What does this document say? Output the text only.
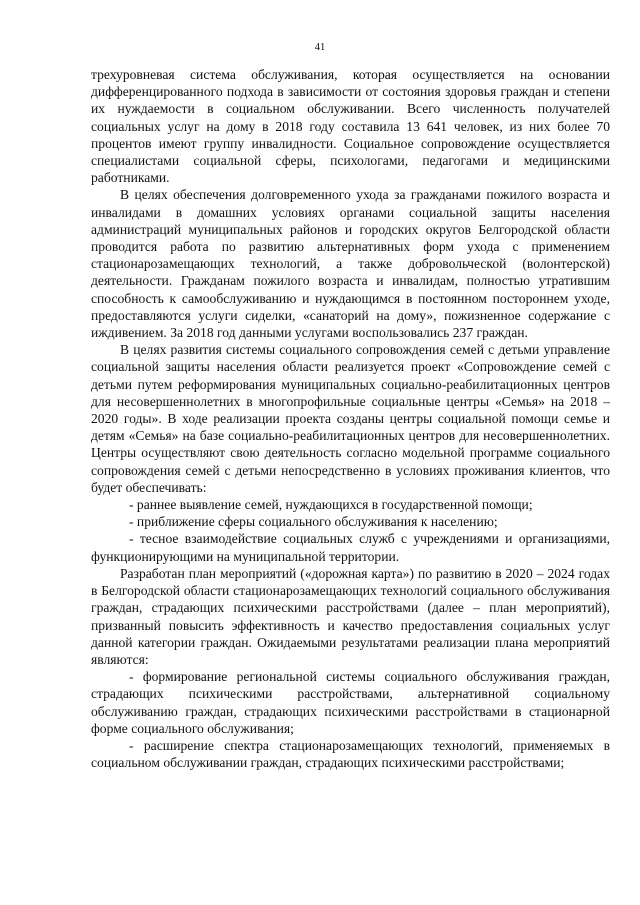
41

трехуровневая система обслуживания, которая осуществляется на основании дифференцированного подхода в зависимости от состояния здоровья граждан и степени их нуждаемости в социальном обслуживании. Всего численность получателей социальных услуг на дому в 2018 году составила 13 641 человек, из них более 70 процентов имеют группу инвалидности. Социальное сопровождение осуществляется специалистами социальной сферы, психологами, педагогами и медицинскими работниками.

В целях обеспечения долговременного ухода за гражданами пожилого возраста и инвалидами в домашних условиях органами социальной защиты населения администраций муниципальных районов и городских округов Белгородской области проводится работа по развитию альтернативных форм ухода с применением стационарозамещающих технологий, а также добровольческой (волонтерской) деятельности. Гражданам пожилого возраста и инвалидам, полностью утратившим способность к самообслуживанию и нуждающимся в постоянном постороннем уходе, предоставляются услуги сиделки, «санаторий на дому», пожизненное содержание с иждивением. За 2018 год данными услугами воспользовались 237 граждан.

В целях развития системы социального сопровождения семей с детьми управление социальной защиты населения области реализуется проект «Сопровождение семей с детьми путем реформирования муниципальных социально-реабилитационных центров для несовершеннолетних в многопрофильные социальные центры «Семья» на 2018 – 2020 годы». В ходе реализации проекта созданы центры социальной помощи семье и детям «Семья» на базе социально-реабилитационных центров для несовершеннолетних. Центры осуществляют свою деятельность согласно модельной программе социального сопровождения семей с детьми непосредственно в условиях проживания клиентов, что будет обеспечивать:

- раннее выявление семей, нуждающихся в государственной помощи;

- приближение сферы социального обслуживания к населению;

- тесное взаимодействие социальных служб с учреждениями и организациями, функционирующими на муниципальной территории.

Разработан план мероприятий («дорожная карта») по развитию в 2020 – 2024 годах в Белгородской области стационарозамещающих технологий социального обслуживания граждан, страдающих психическими расстройствами (далее – план мероприятий), призванный повысить эффективность и качество предоставления социальных услуг данной категории граждан. Ожидаемыми результатами реализации плана мероприятий являются:

- формирование региональной системы социального обслуживания граждан, страдающих психическими расстройствами, альтернативной социальному обслуживанию граждан, страдающих психическими расстройствами в стационарной форме социального обслуживания;

- расширение спектра стационарозамещающих технологий, применяемых в социальном обслуживании граждан, страдающих психическими расстройствами;
